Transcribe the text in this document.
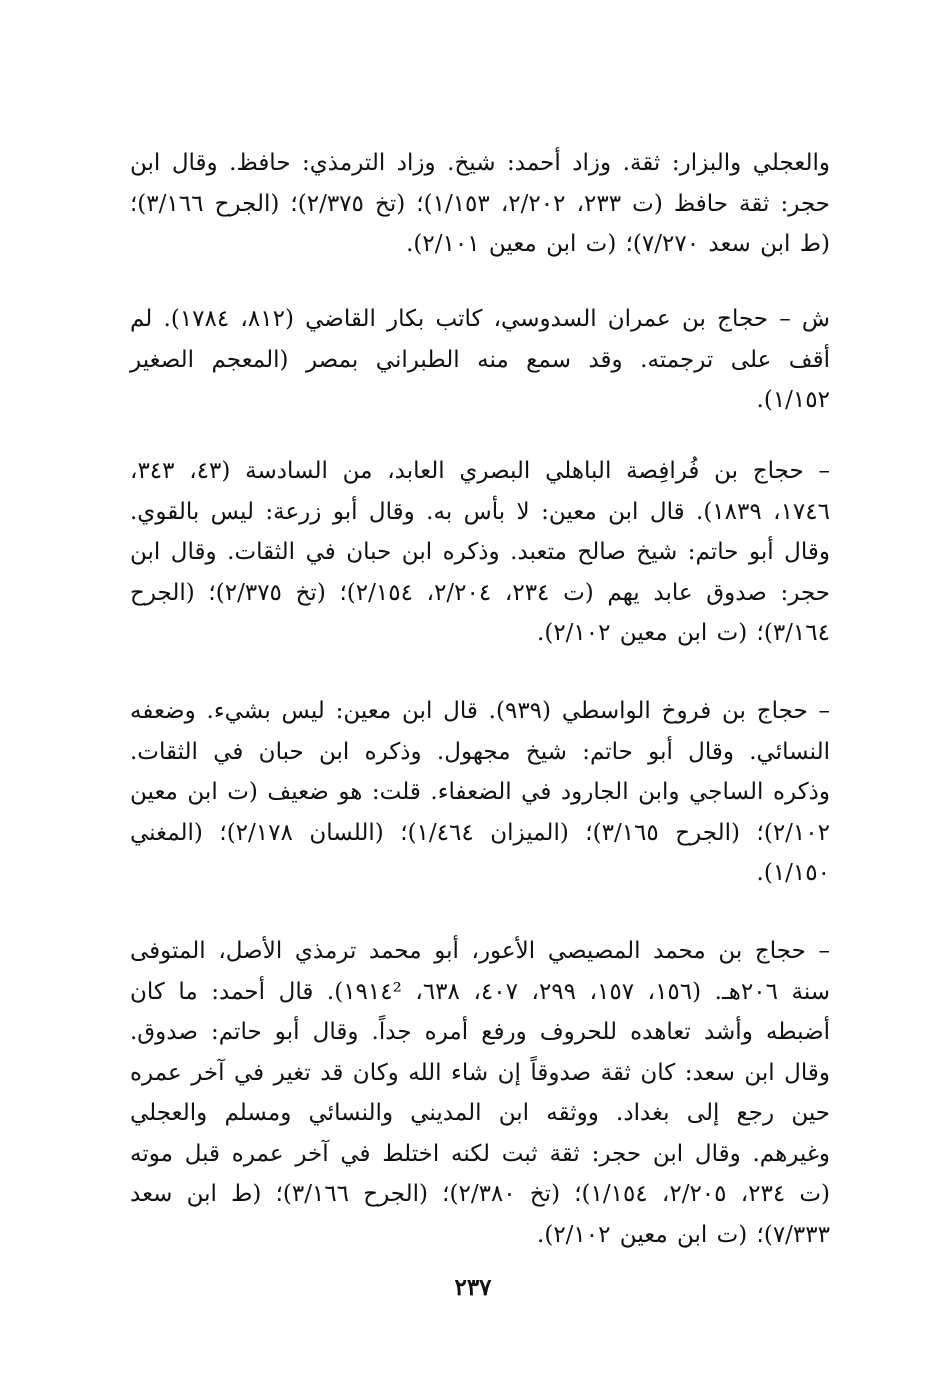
والعجلي والبزار: ثقة. وزاد أحمد: شيخ. وزاد الترمذي: حافظ. وقال ابن حجر: ثقة حافظ (ت ٢٣٣، ٢/٢٠٢، ١/١٥٣)؛ (تخ ٢/٣٧٥)؛ (الجرح ٣/١٦٦)؛ (ط ابن سعد ٧/٢٧٠)؛ (ت ابن معين ٢/١٠١).

ش – حجاج بن عمران السدوسي، كاتب بكار القاضي (٨١٢، ١٧٨٤). لم أقف على ترجمته. وقد سمع منه الطبراني بمصر (المعجم الصغير ١/١٥٢).

– حجاج بن فُرافِصة الباهلي البصري العابد، من السادسة (٤٣، ٣٤٣، ١٧٤٦، ١٨٣٩). قال ابن معين: لا بأس به. وقال أبو زرعة: ليس بالقوي. وقال أبو حاتم: شيخ صالح متعبد. وذكره ابن حبان في الثقات. وقال ابن حجر: صدوق عابد يهم (ت ٢٣٤، ٢/٢٠٤، ٢/١٥٤)؛ (تخ ٢/٣٧٥)؛ (الجرح ٣/١٦٤)؛ (ت ابن معين ٢/١٠٢).

– حجاج بن فروخ الواسطي (٩٣٩). قال ابن معين: ليس بشيء. وضعفه النسائي. وقال أبو حاتم: شيخ مجهول. وذكره ابن حبان في الثقات. وذكره الساجي وابن الجارود في الضعفاء. قلت: هو ضعيف (ت ابن معين ٢/١٠٢)؛ (الجرح ٣/١٦٥)؛ (الميزان ١/٤٦٤)؛ (اللسان ٢/١٧٨)؛ (المغني ١/١٥٠).

– حجاج بن محمد المصيصي الأعور، أبو محمد ترمذي الأصل، المتوفى سنة ٢٠٦هـ. (١٥٦، ١٥٧، ٢٩٩، ٤٠٧، ٦٣٨، ١٩١٤²). قال أحمد: ما كان أضبطه وأشد تعاهده للحروف ورفع أمره جداً. وقال أبو حاتم: صدوق. وقال ابن سعد: كان ثقة صدوقاً إن شاء الله وكان قد تغير في آخر عمره حين رجع إلى بغداد. ووثقه ابن المديني والنسائي ومسلم والعجلي وغيرهم. وقال ابن حجر: ثقة ثبت لكنه اختلط في آخر عمره قبل موته (ت ٢٣٤، ٢/٢٠٥، ١/١٥٤)؛ (تخ ٢/٣٨٠)؛ (الجرح ٣/١٦٦)؛ (ط ابن سعد ٧/٣٣٣)؛ (ت ابن معين ٢/١٠٢).

٢٣٧
